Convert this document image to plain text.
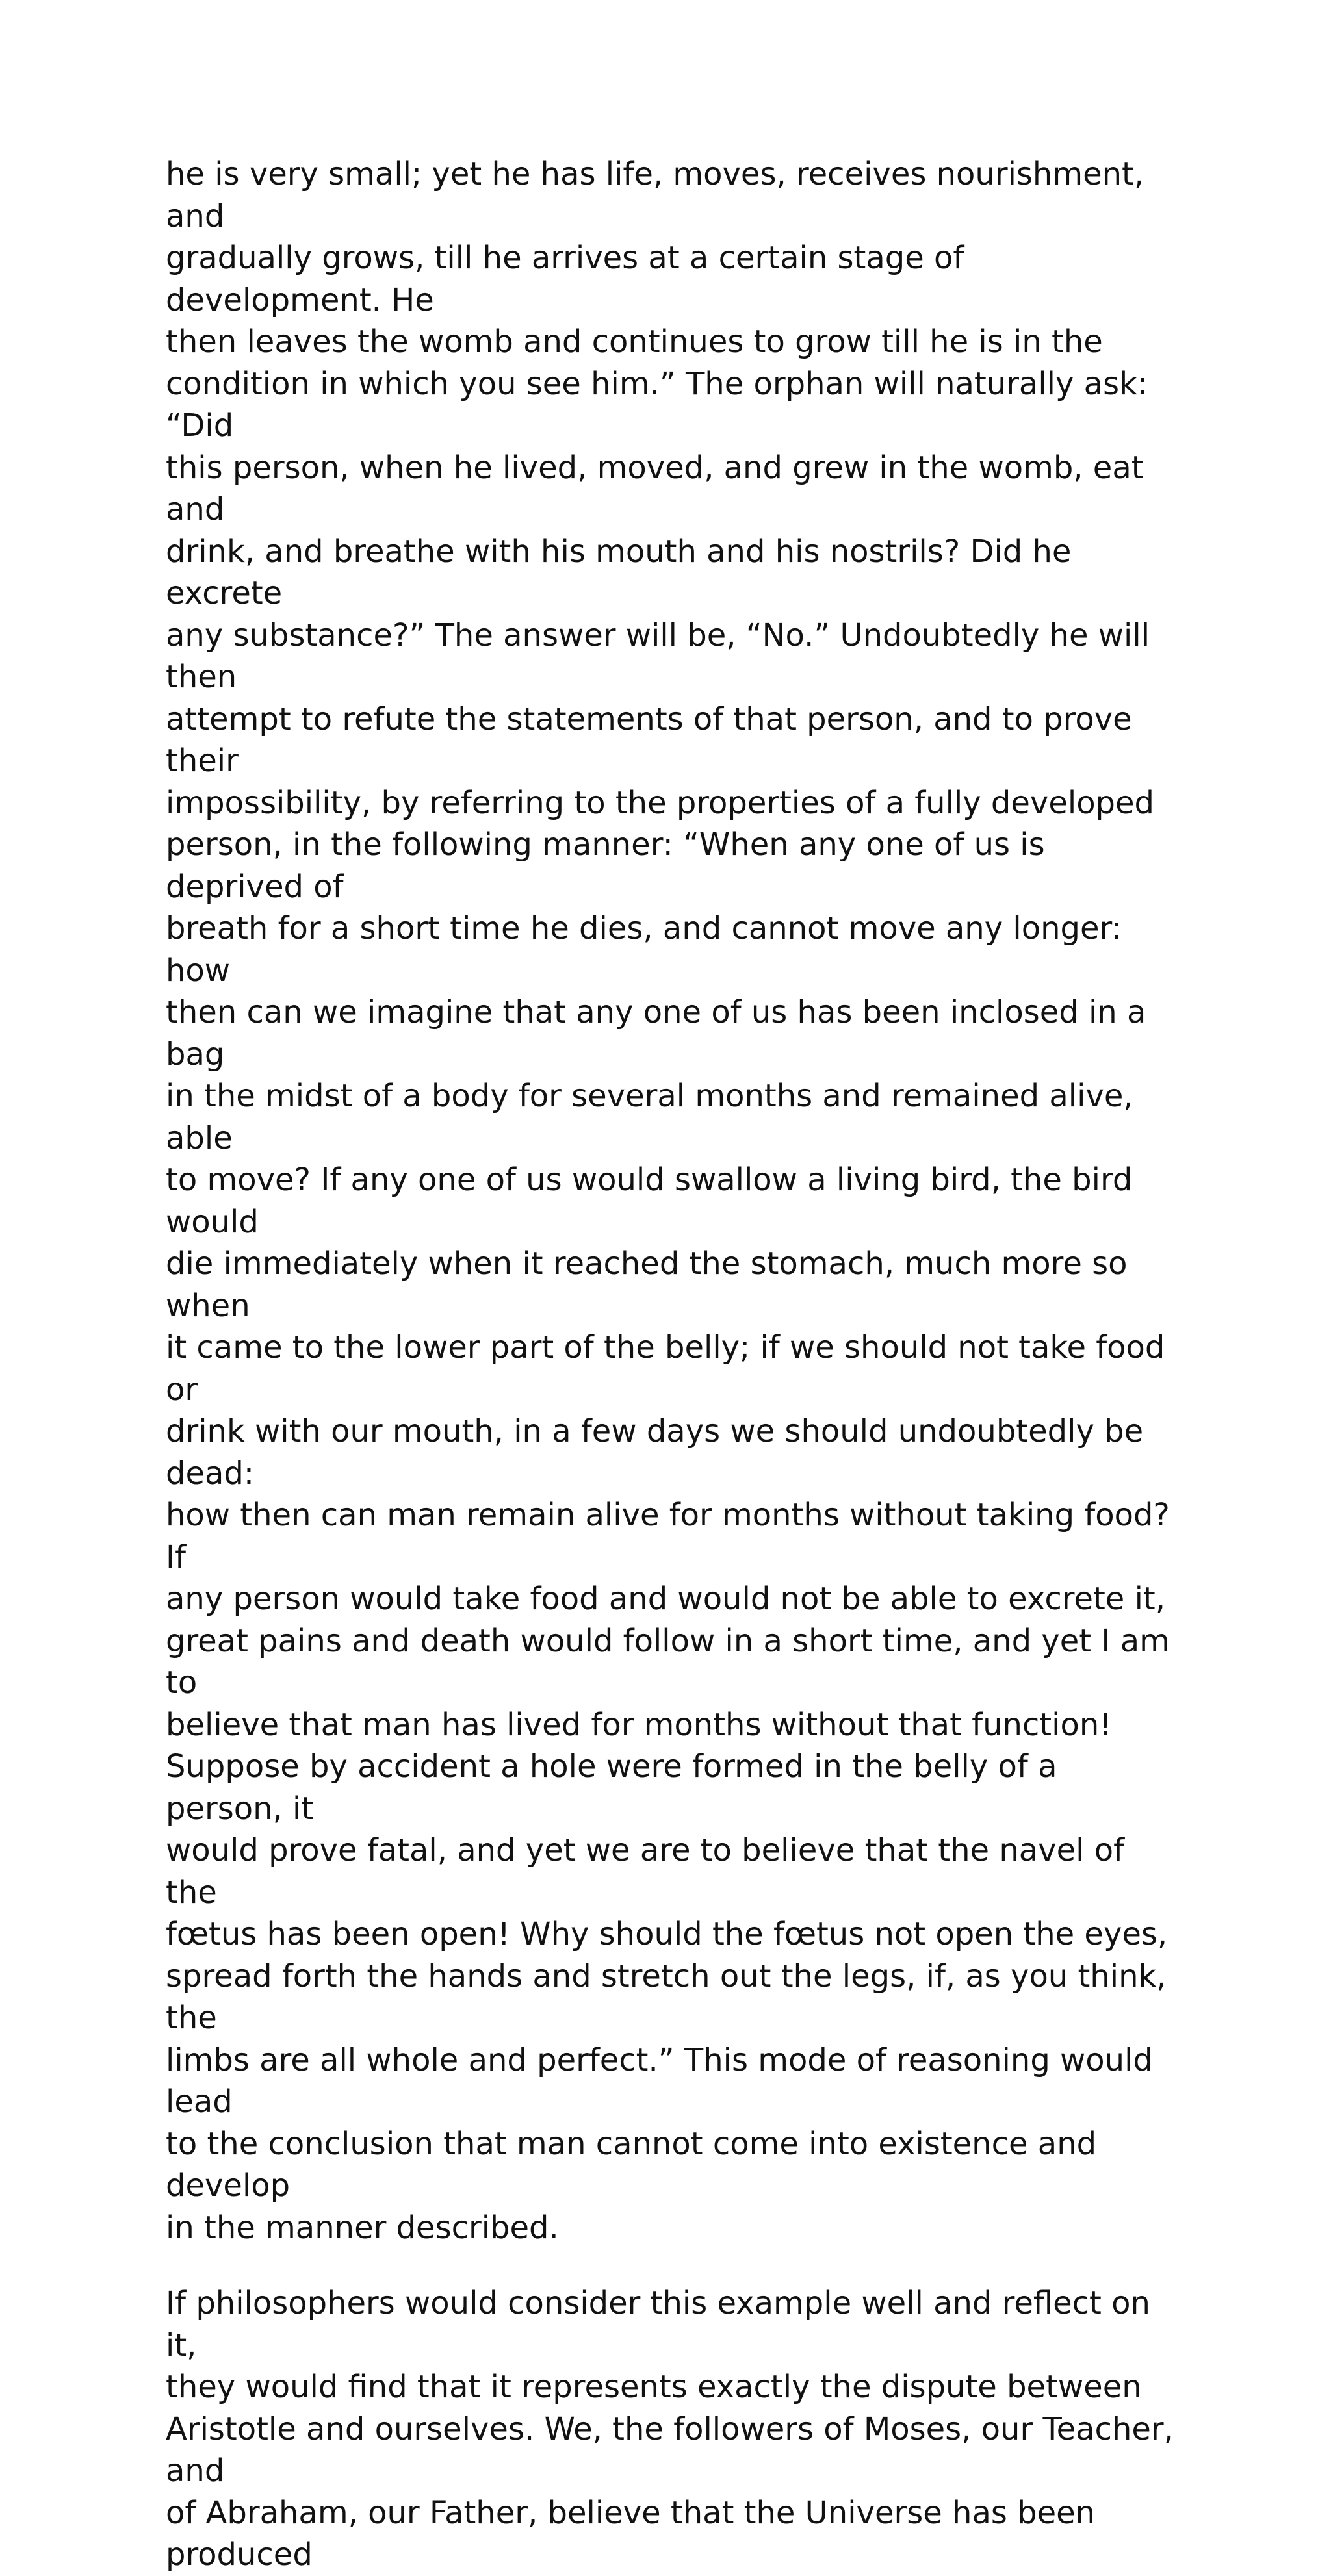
he is very small; yet he has life, moves, receives nourishment, and
gradually grows, till he arrives at a certain stage of development. He
then leaves the womb and continues to grow till he is in the
condition in which you see him.” The orphan will naturally ask: “Did
this person, when he lived, moved, and grew in the womb, eat and
drink, and breathe with his mouth and his nostrils? Did he excrete
any substance?” The answer will be, “No.” Undoubtedly he will then
attempt to refute the statements of that person, and to prove their
impossibility, by referring to the properties of a fully developed
person, in the following manner: “When any one of us is deprived of
breath for a short time he dies, and cannot move any longer: how
then can we imagine that any one of us has been inclosed in a bag
in the midst of a body for several months and remained alive, able
to move? If any one of us would swallow a living bird, the bird would
die immediately when it reached the stomach, much more so when
it came to the lower part of the belly; if we should not take food or
drink with our mouth, in a few days we should undoubtedly be dead:
how then can man remain alive for months without taking food? If
any person would take food and would not be able to excrete it,
great pains and death would follow in a short time, and yet I am to
believe that man has lived for months without that function!
Suppose by accident a hole were formed in the belly of a person, it
would prove fatal, and yet we are to believe that the navel of the
fœtus has been open! Why should the fœtus not open the eyes,
spread forth the hands and stretch out the legs, if, as you think, the
limbs are all whole and perfect.” This mode of reasoning would lead
to the conclusion that man cannot come into existence and develop
in the manner described.

If philosophers would consider this example well and reflect on it,
they would find that it represents exactly the dispute between
Aristotle and ourselves. We, the followers of Moses, our Teacher, and
of Abraham, our Father, believe that the Universe has been produced
